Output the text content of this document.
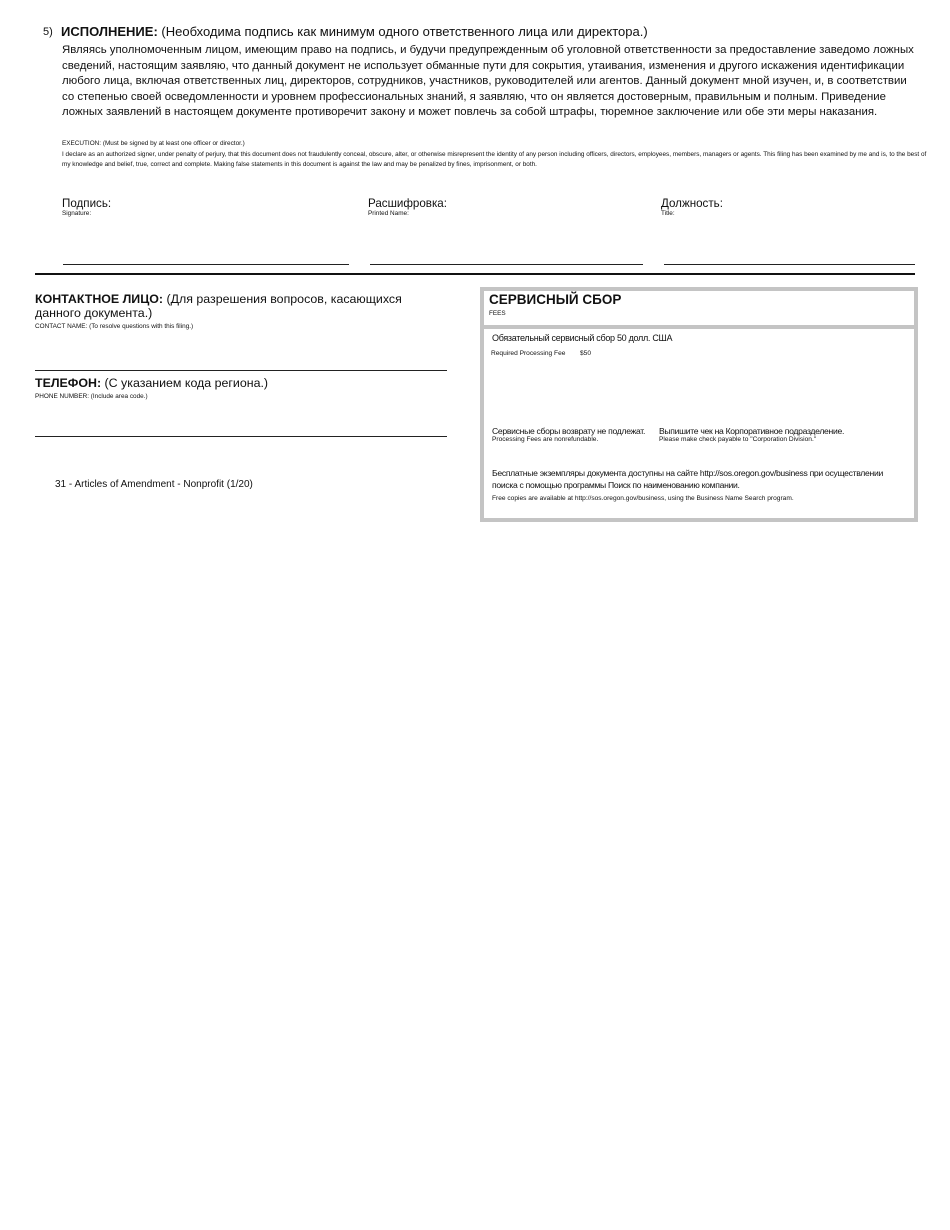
5) ИСПОЛНЕНИЕ: (Необходима подпись как минимум одного ответственного лица или директора.)
Являясь уполномоченным лицом, имеющим право на подпись, и будучи предупрежденным об уголовной ответственности за предоставление заведомо ложных сведений, настоящим заявляю, что данный документ не использует обманные пути для сокрытия, утаивания, изменения и другого искажения идентификации любого лица, включая ответственных лиц, директоров, сотрудников, участников, руководителей или агентов. Данный документ мной изучен, и, в соответствии со степенью своей осведомленности и уровнем профессиональных знаний, я заявляю, что он является достоверным, правильным и полным. Приведение ложных заявлений в настоящем документе противоречит закону и может повлечь за собой штрафы, тюремное заключение или обе эти меры наказания.
EXECUTION: (Must be signed by at least one officer or director.)
I declare as an authorized signer, under penalty of perjury, that this document does not fraudulently conceal, obscure, alter, or otherwise misrepresent the identity of any person including officers, directors, employees, members, managers or agents. This filing has been examined by me and is, to the best of my knowledge and belief, true, correct and complete. Making false statements in this document is against the law and may be penalized by fines, imprisonment, or both.
Подпись:
Signature:
Расшифровка:
Printed Name:
Должность:
Title:
КОНТАКТНОЕ ЛИЦО: (Для разрешения вопросов, касающихся данного документа.)
CONTACT NAME: (To resolve questions with this filing.)
ТЕЛЕФОН: (С указанием кода региона.)
PHONE NUMBER: (Include area code.)
31 - Articles of Amendment - Nonprofit (1/20)
СЕРВИСНЫЙ СБОР
FEES
Обязательный сервисный сбор 50 долл. США
Required Processing Fee $50
Сервисные сборы возврату не подлежат.
Processing Fees are nonrefundable.
Выпишите чек на Корпоративное подразделение.
Please make check payable to "Corporation Division."
Бесплатные экземпляры документа доступны на сайте http://sos.oregon.gov/business при осуществлении поиска с помощью программы Поиск по наименованию компании.
Free copies are available at http://sos.oregon.gov/business, using the Business Name Search program.
